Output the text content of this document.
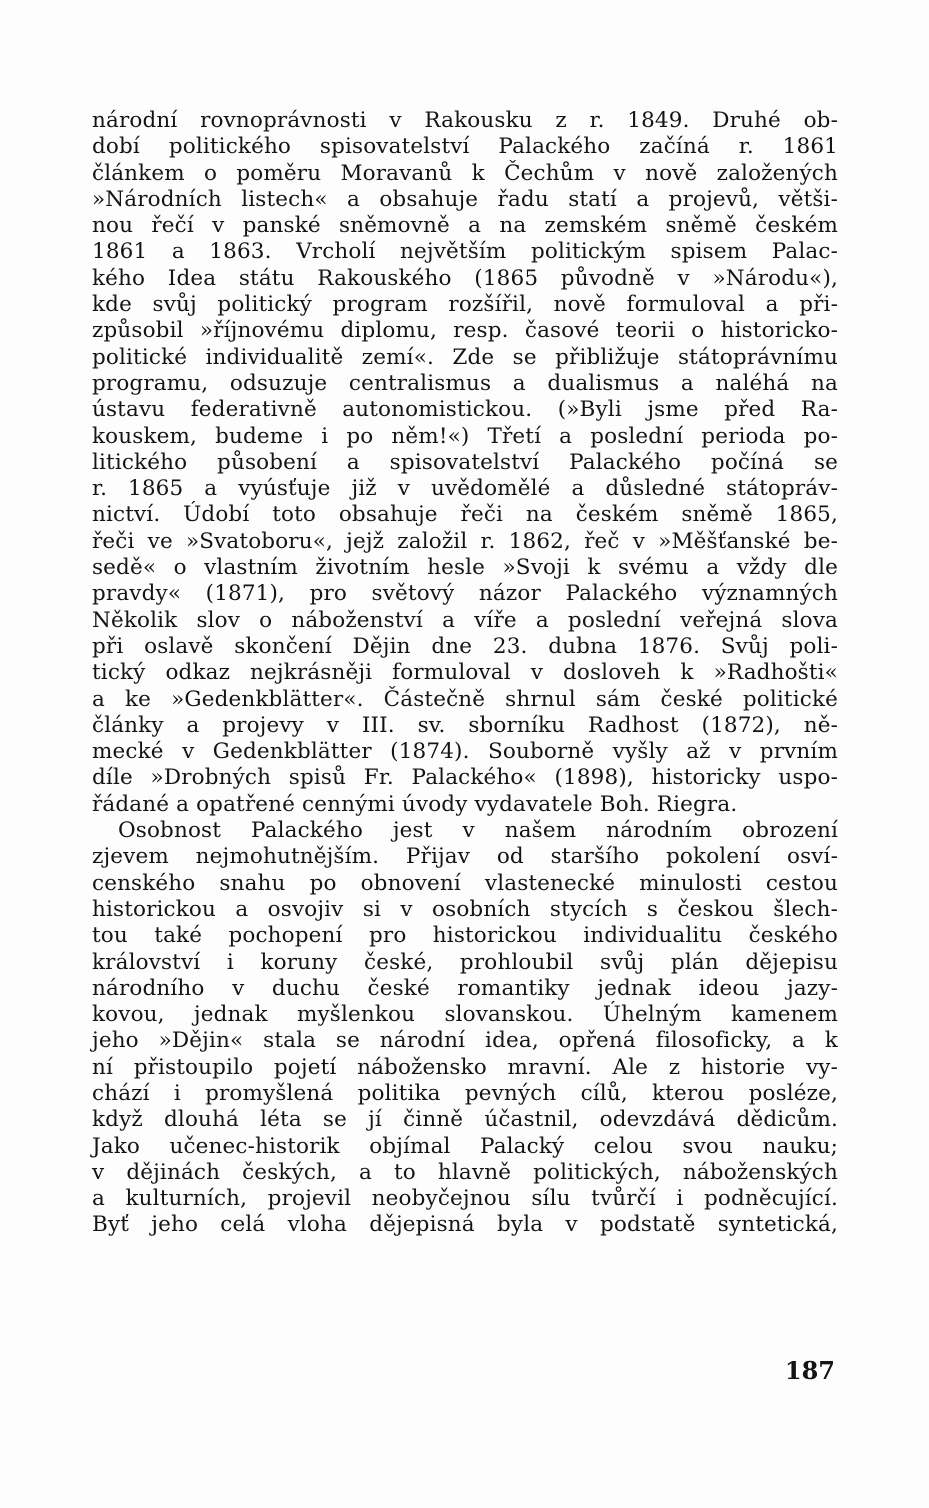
národní rovnoprávnosti v Rakousku z r. 1849. Druhé ob-
dobí politického spisovatelství Palackého začíná r. 1861
článkem o poměru Moravanů k Čechům v nově založených
»Národních listech« a obsahuje řadu statí a projevů, větši-
nou řečí v panské sněmovně a na zemském sněmě českém
1861 a 1863. Vrcholí největším politickým spisem Palac-
kého Idea státu Rakouského (1865 původně v »Národu«),
kde svůj politický program rozšířil, nově formuloval a při-
způsobil »říjnovému diplomu, resp. časové teorii o historicko-
politické individualitě zemí«. Zde se přibližuje státoprávnímu
programu, odsuzuje centralismus a dualismus a naléhá na
ústavu federativně autonomistickou. (»Byli jsme před Ra-
kouskem, budeme i po něm!«) Třetí a poslední perioda po-
litického působení a spisovatelství Palackého počíná se
r. 1865 a vyúsťuje již v uvědomělé a důsledné státopráv-
nictví. Údobí toto obsahuje řeči na českém sněmě 1865,
řeči ve »Svatoboru«, jejž založil r. 1862, řeč v »Měšťanské be-
sedě« o vlastním životním hesle »Svoji k svému a vždy dle
pravdy« (1871), pro světový názor Palackého významných
Několik slov o náboženství a víře a poslední veřejná slova
při oslavě skončení Dějin dne 23. dubna 1876. Svůj poli-
tický odkaz nejkrásněji formuloval v dosloveh k »Radhošti«
a ke »Gedenkblätter«. Částečně shrnul sám české politické
články a projevy v III. sv. sborníku Radhost (1872), ně-
mecké v Gedenkblätter (1874). Souborně vyšly až v prvním
díle »Drobných spisů Fr. Palackého« (1898), historicky uspo-
řádané a opatřené cennými úvody vydavatele Boh. Riegra.
Osobnost Palackého jest v našem národním obrození
zjevem nejmohutnějším. Přijav od staršího pokolení osví-
cenského snahu po obnovení vlastenecké minulosti cestou
historickou a osvojiv si v osobních stycích s českou šlech-
tou také pochopení pro historickou individualitu českého
království i koruny české, prohloubil svůj plán dějepisu
národního v duchu české romantiky jednak ideou jazy-
kovou, jednak myšlenkou slovanskou. Úhelným kamenem
jeho »Dějin« stala se národní idea, opřená filosoficky, a k
ní přistoupilo pojetí nábožensko mravní. Ale z historie vy-
chází i promyšlená politika pevných cílů, kterou posléze,
když dlouhá léta se jí činně účastnil, odevzdává dědicům.
Jako učenec-historik objímal Palacký celou svou nauku;
v dějinách českých, a to hlavně politických, náboženských
a kulturních, projevil neobyčejnou sílu tvůrčí i podněcující.
Byť jeho celá vloha dějepisná byla v podstatě syntetická,
187
